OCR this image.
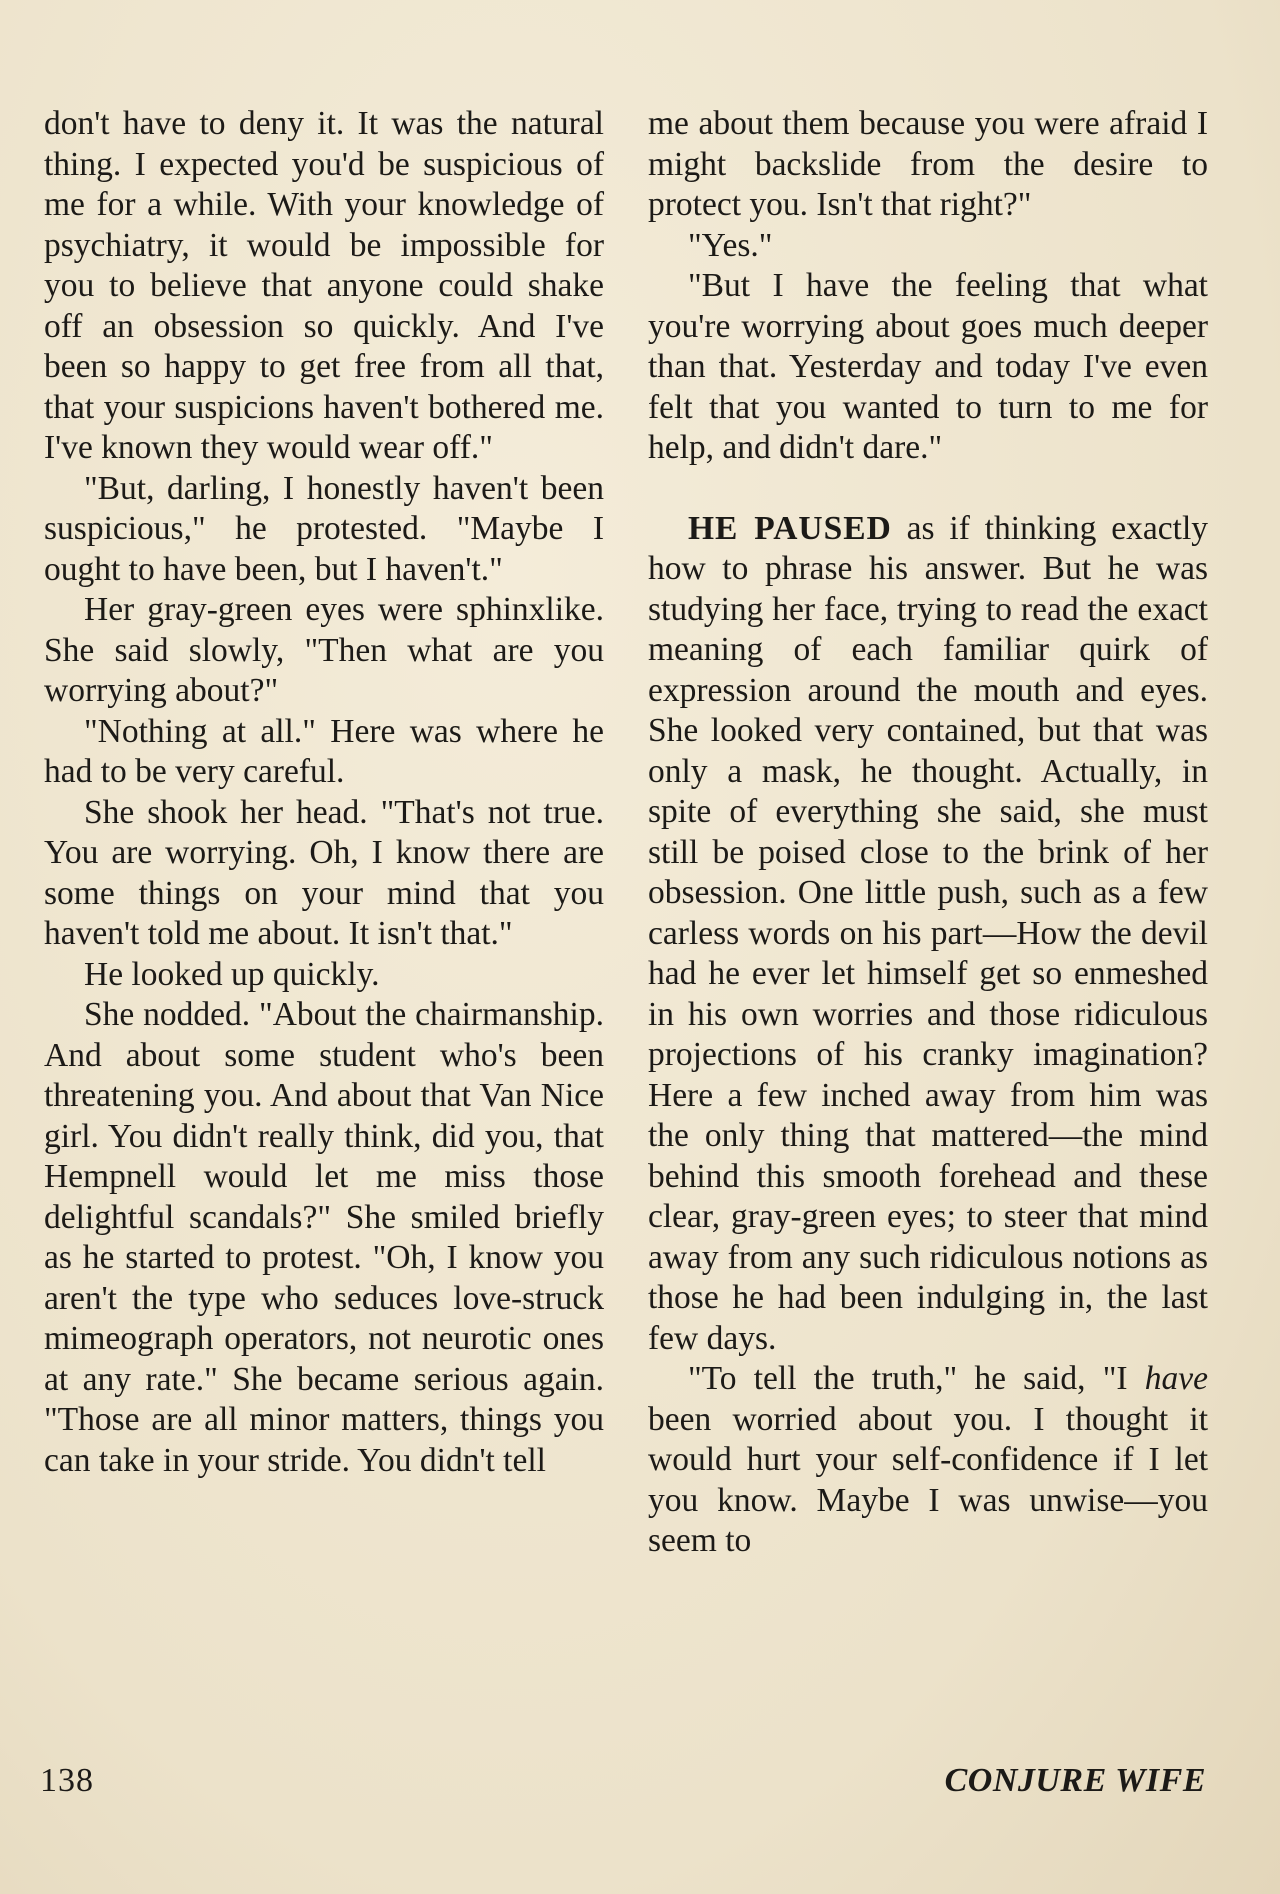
don't have to deny it. It was the natural thing. I expected you'd be suspicious of me for a while. With your knowledge of psychiatry, it would be impossible for you to believe that anyone could shake off an obsession so quickly. And I've been so happy to get free from all that, that your suspicions haven't bothered me. I've known they would wear off."

"But, darling, I honestly haven't been suspicious," he protested. "Maybe I ought to have been, but I haven't."

Her gray-green eyes were sphinxlike. She said slowly, "Then what are you worrying about?"

"Nothing at all." Here was where he had to be very careful.

She shook her head. "That's not true. You are worrying. Oh, I know there are some things on your mind that you haven't told me about. It isn't that."

He looked up quickly.

She nodded. "About the chairmanship. And about some student who's been threatening you. And about that Van Nice girl. You didn't really think, did you, that Hempnell would let me miss those delightful scandals?" She smiled briefly as he started to protest. "Oh, I know you aren't the type who seduces love-struck mimeograph operators, not neurotic ones at any rate." She became serious again. "Those are all minor matters, things you can take in your stride. You didn't tell

me about them because you were afraid I might backslide from the desire to protect you. Isn't that right?"

"Yes."

"But I have the feeling that what you're worrying about goes much deeper than that. Yesterday and today I've even felt that you wanted to turn to me for help, and didn't dare."

HE PAUSED as if thinking exactly how to phrase his answer. But he was studying her face, trying to read the exact meaning of each familiar quirk of expression around the mouth and eyes. She looked very contained, but that was only a mask, he thought. Actually, in spite of everything she said, she must still be poised close to the brink of her obsession. One little push, such as a few carless words on his part—How the devil had he ever let himself get so enmeshed in his own worries and those ridiculous projections of his cranky imagination? Here a few inched away from him was the only thing that mattered—the mind behind this smooth forehead and these clear, gray-green eyes; to steer that mind away from any such ridiculous notions as those he had been indulging in, the last few days.

"To tell the truth," he said, "I have been worried about you. I thought it would hurt your self-confidence if I let you know. Maybe I was unwise—you seem to

138	CONJURE WIFE
